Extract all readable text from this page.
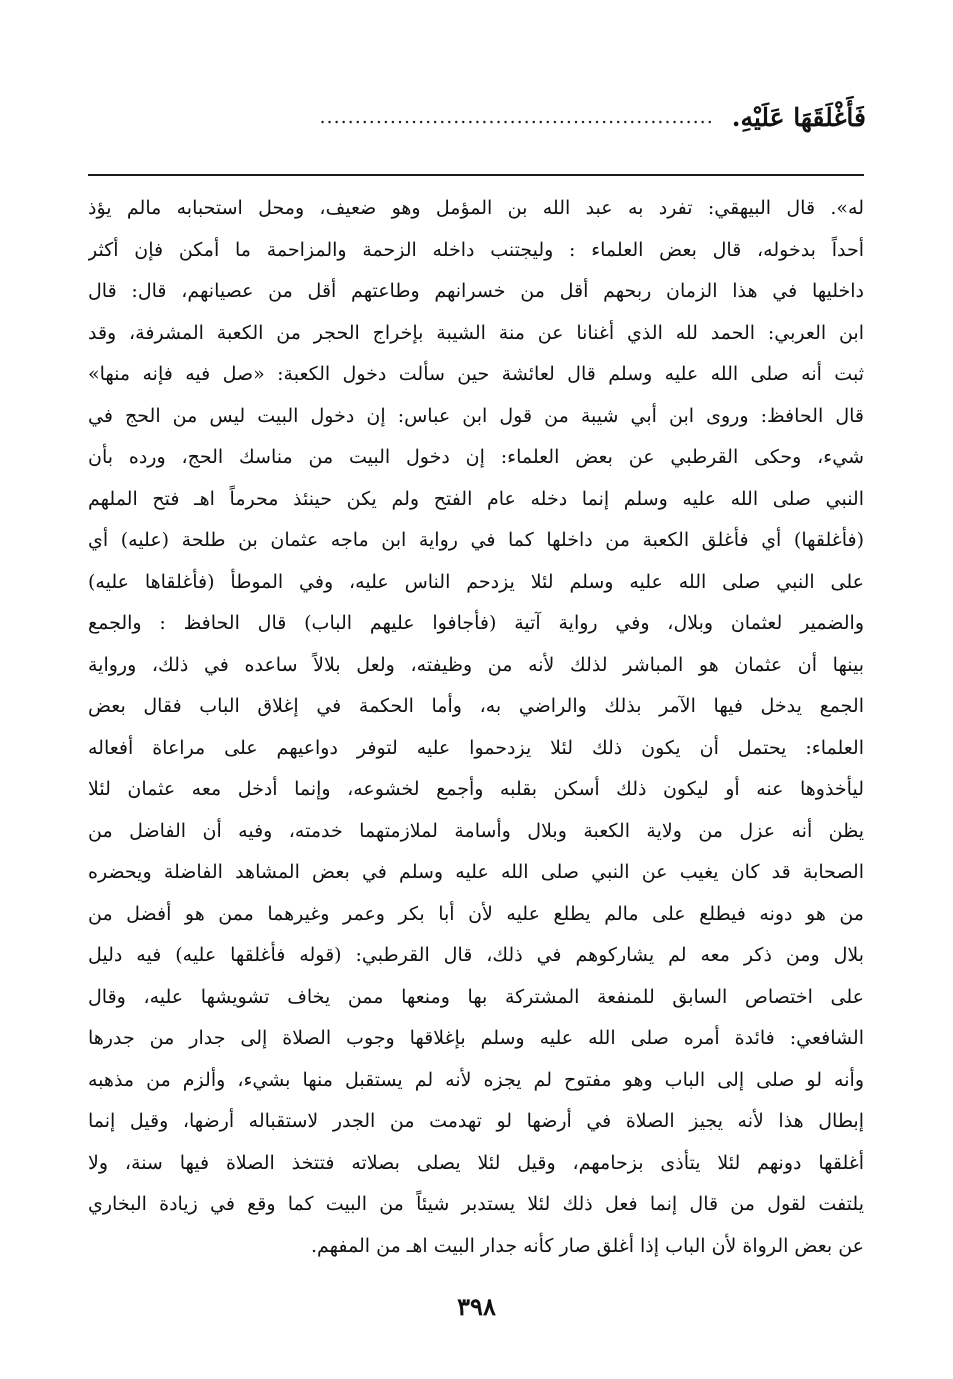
فَأَغْلَقَهَا عَلَيْهِ.
........................................................
له». قال البيهقي: تفرد به عبد الله بن المؤمل وهو ضعيف، ومحل استحبابه مالم يؤذ
أحداً بدخوله، قال بعض العلماء : وليجتنب داخله الزحمة والمزاحمة ما أمكن فإن أكثر
داخليها في هذا الزمان ربحهم أقل من خسرانهم وطاعتهم أقل من عصيانهم، قال: قال
ابن العربي: الحمد لله الذي أغنانا عن منة الشيبة بإخراج الحجر من الكعبة المشرفة، وقد
ثبت أنه صلى الله عليه وسلم قال لعائشة حين سألت دخول الكعبة: «صل فيه فإنه منها»
قال الحافظ: وروى ابن أبي شيبة من قول ابن عباس: إن دخول البيت ليس من الحج في
شيء، وحكى القرطبي عن بعض العلماء: إن دخول البيت من مناسك الحج، ورده بأن
النبي صلى الله عليه وسلم إنما دخله عام الفتح ولم يكن حينئذ محرماً اهـ فتح الملهم
(فأغلقها) أي فأغلق الكعبة من داخلها كما في رواية ابن ماجه عثمان بن طلحة (عليه) أي
على النبي صلى الله عليه وسلم لئلا يزدحم الناس عليه، وفي الموطأ (فأغلقاها عليه)
والضمير لعثمان وبلال، وفي رواية آتية (فأجافوا عليهم الباب) قال الحافظ : والجمع
بينها أن عثمان هو المباشر لذلك لأنه من وظيفته، ولعل بلالاً ساعده في ذلك، ورواية
الجمع يدخل فيها الآمر بذلك والراضي به، وأما الحكمة في إغلاق الباب فقال بعض
العلماء: يحتمل أن يكون ذلك لئلا يزدحموا عليه لتوفر دواعيهم على مراعاة أفعاله
ليأخذوها عنه أو ليكون ذلك أسكن بقلبه وأجمع لخشوعه، وإنما أدخل معه عثمان لئلا
يظن أنه عزل من ولاية الكعبة وبلال وأسامة لملازمتهما خدمته، وفيه أن الفاضل من
الصحابة قد كان يغيب عن النبي صلى الله عليه وسلم في بعض المشاهد الفاضلة ويحضره
من هو دونه فيطلع على مالم يطلع عليه لأن أبا بكر وعمر وغيرهما ممن هو أفضل من
بلال ومن ذكر معه لم يشاركوهم في ذلك، قال القرطبي: (قوله فأغلقها عليه) فيه دليل
على اختصاص السابق للمنفعة المشتركة بها ومنعها ممن يخاف تشويشها عليه، وقال
الشافعي: فائدة أمره صلى الله عليه وسلم بإغلاقها وجوب الصلاة إلى جدار من جدرها
وأنه لو صلى إلى الباب وهو مفتوح لم يجزه لأنه لم يستقبل منها بشيء، وألزم من مذهبه
إبطال هذا لأنه يجيز الصلاة في أرضها لو تهدمت من الجدر لاستقباله أرضها، وقيل إنما
أغلقها دونهم لئلا يتأذى بزحامهم، وقيل لئلا يصلى بصلاته فتتخذ الصلاة فيها سنة، ولا
يلتفت لقول من قال إنما فعل ذلك لئلا يستدبر شيئاً من البيت كما وقع في زيادة البخاري
عن بعض الرواة لأن الباب إذا أغلق صار كأنه جدار البيت اهـ من المفهم.
٣٩٨
